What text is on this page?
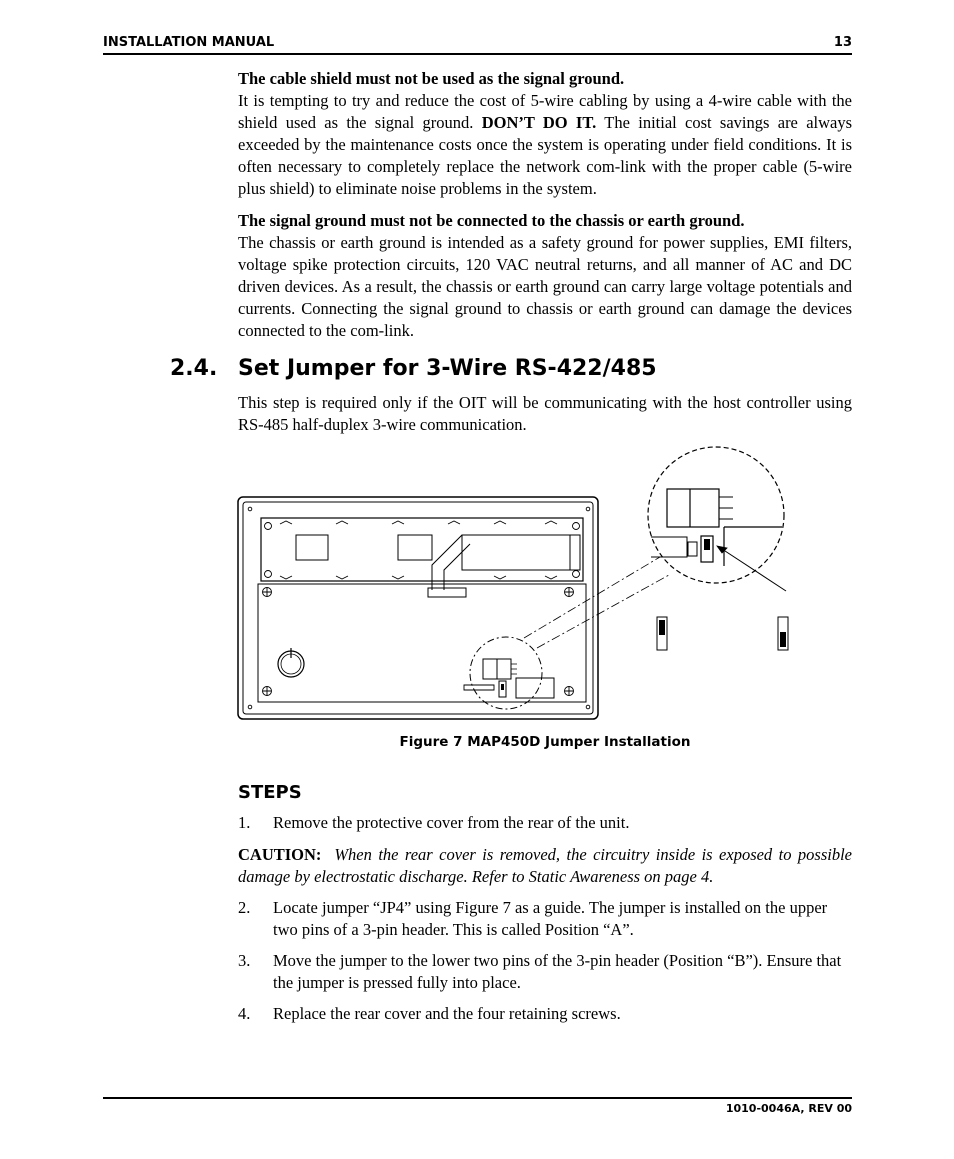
INSTALLATION MANUAL	13
The cable shield must not be used as the signal ground.
It is tempting to try and reduce the cost of 5-wire cabling by using a 4-wire cable with the shield used as the signal ground. DON’T DO IT. The initial cost savings are always exceeded by the maintenance costs once the system is operating under field conditions. It is often necessary to completely replace the network com-link with the proper cable (5-wire plus shield) to eliminate noise problems in the system.
The signal ground must not be connected to the chassis or earth ground.
The chassis or earth ground is intended as a safety ground for power supplies, EMI filters, voltage spike protection circuits, 120 VAC neutral returns, and all manner of AC and DC driven devices. As a result, the chassis or earth ground can carry large voltage potentials and currents. Connecting the signal ground to chassis or earth ground can damage the devices connected to the com-link.
2.4. Set Jumper for 3-Wire RS-422/485
This step is required only if the OIT will be communicating with the host controller using RS-485 half-duplex 3-wire communication.
Figure 7 MAP450D Jumper Installation
STEPS
1. Remove the protective cover from the rear of the unit.
CAUTION: When the rear cover is removed, the circuitry inside is exposed to possible damage by electrostatic discharge. Refer to Static Awareness on page 4.
2. Locate jumper “JP4” using Figure 7 as a guide. The jumper is installed on the upper two pins of a 3-pin header. This is called Position “A”.
3. Move the jumper to the lower two pins of the 3-pin header (Position “B”). Ensure that the jumper is pressed fully into place.
4. Replace the rear cover and the four retaining screws.
1010-0046A, REV 00
